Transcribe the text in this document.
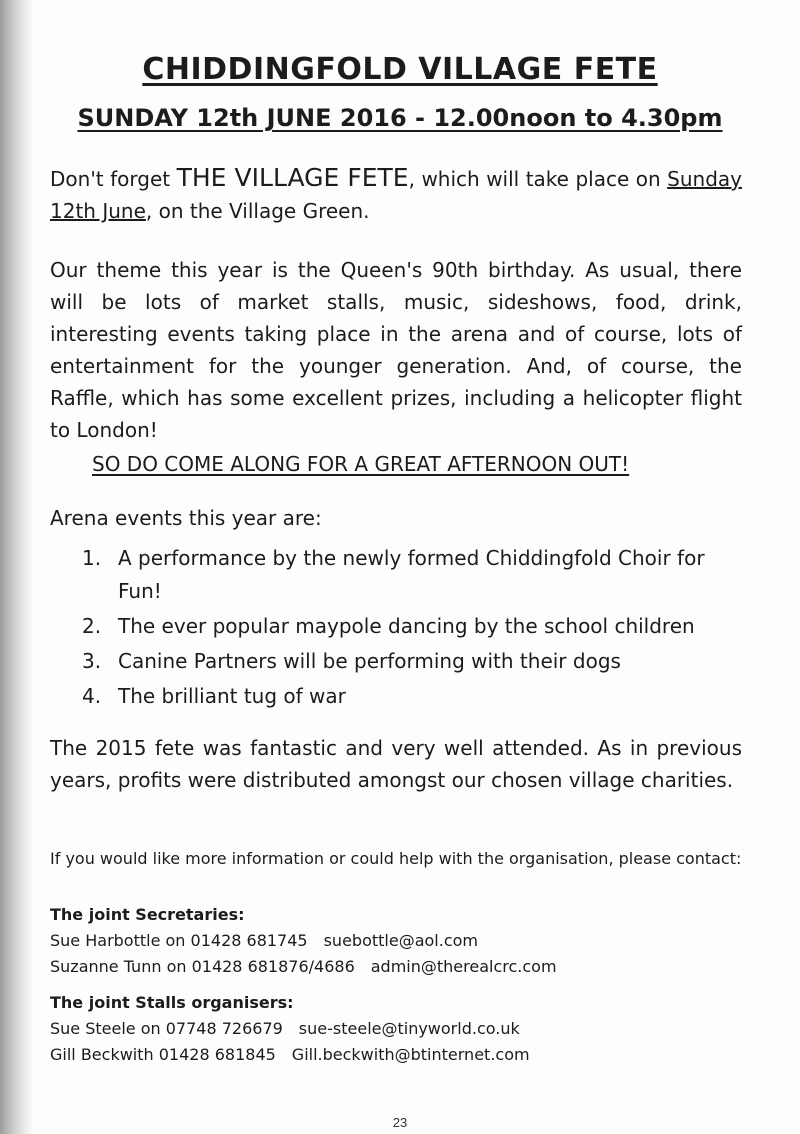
CHIDDINGFOLD VILLAGE FETE
SUNDAY 12th JUNE 2016 - 12.00noon to 4.30pm

Don't forget THE VILLAGE FETE, which will take place on Sunday 12th June, on the Village Green.

Our theme this year is the Queen's 90th birthday. As usual, there will be lots of market stalls, music, sideshows, food, drink, interesting events taking place in the arena and of course, lots of entertainment for the younger generation. And, of course, the Raffle, which has some excellent prizes, including a helicopter flight to London!

SO DO COME ALONG FOR A GREAT AFTERNOON OUT!
Arena events this year are:
1. A performance by the newly formed Chiddingfold Choir for Fun!
2. The ever popular maypole dancing by the school children
3. Canine Partners will be performing with their dogs
4. The brilliant tug of war

The 2015 fete was fantastic and very well attended. As in previous years, profits were distributed amongst our chosen village charities.

If you would like more information or could help with the organisation, please contact:
The joint Secretaries:
Sue Harbottle on 01428 681745 suebottle@aol.com
Suzanne Tunn on 01428 681876/4686 admin@therealcrc.com
The joint Stalls organisers:
Sue Steele on 07748 726679 sue-steele@tinyworld.co.uk
Gill Beckwith 01428 681845 Gill.beckwith@btinternet.com
23
